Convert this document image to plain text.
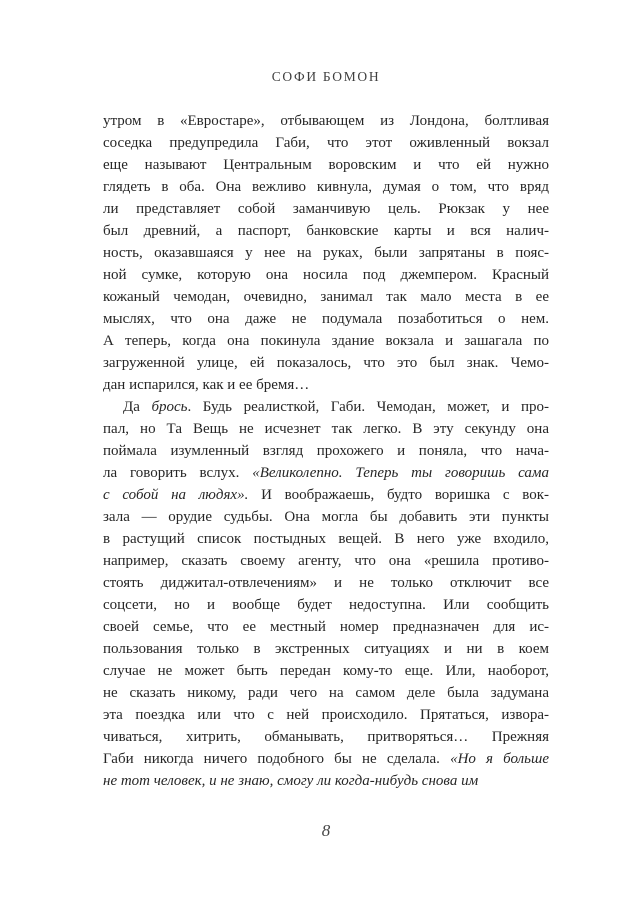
СОФИ БОМОН
утром в «Евростаре», отбывающем из Лондона, болтливая
соседка предупредила Габи, что этот оживленный вокзал
еще называют Центральным воровским и что ей нужно
глядеть в оба. Она вежливо кивнула, думая о том, что вряд
ли представляет собой заманчивую цель. Рюкзак у нее
был древний, а паспорт, банковские карты и вся налич-
ность, оказавшаяся у нее на руках, были запрятаны в пояс-
ной сумке, которую она носила под джемпером. Красный
кожаный чемодан, очевидно, занимал так мало места в ее
мыслях, что она даже не подумала позаботиться о нем.
А теперь, когда она покинула здание вокзала и зашагала по
загруженной улице, ей показалось, что это был знак. Чемо-
дан испарился, как и ее бремя…
Да брось. Будь реалисткой, Габи. Чемодан, может, и про-
пал, но Та Вещь не исчезнет так легко. В эту секунду она
поймала изумленный взгляд прохожего и поняла, что нача-
ла говорить вслух. «Великолепно. Теперь ты говоришь сама
с собой на людях». И воображаешь, будто воришка с вок-
зала — орудие судьбы. Она могла бы добавить эти пункты
в растущий список постыдных вещей. В него уже входило,
например, сказать своему агенту, что она «решила противо-
стоять диджитал-отвлечениям» и не только отключит все
соцсети, но и вообще будет недоступна. Или сообщить
своей семье, что ее местный номер предназначен для ис-
пользования только в экстренных ситуациях и ни в коем
случае не может быть передан кому-то еще. Или, наоборот,
не сказать никому, ради чего на самом деле была задумана
эта поездка или что с ней происходило. Прятаться, извора-
чиваться, хитрить, обманывать, притворяться… Прежняя
Габи никогда ничего подобного бы не сделала. «Но я больше
не тот человек, и не знаю, смогу ли когда-нибудь снова им
8
